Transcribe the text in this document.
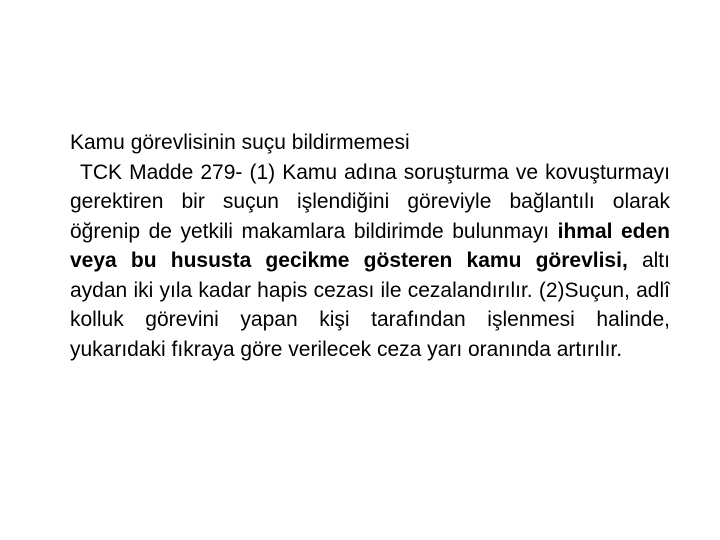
Kamu görevlisinin suçu bildirmemesi

TCK Madde 279- (1) Kamu adına soruşturma ve kovuşturmayı gerektiren bir suçun işlendiğini göreviyle bağlantılı olarak öğrenip de yetkili makamlara bildirimde bulunmayı ihmal eden veya bu hususta gecikme gösteren kamu görevlisi, altı aydan iki yıla kadar hapis cezası ile cezalandırılır. (2)Suçun, adlî kolluk görevini yapan kişi tarafından işlenmesi halinde, yukarıdaki fıkraya göre verilecek ceza yarı oranında artırılır.
